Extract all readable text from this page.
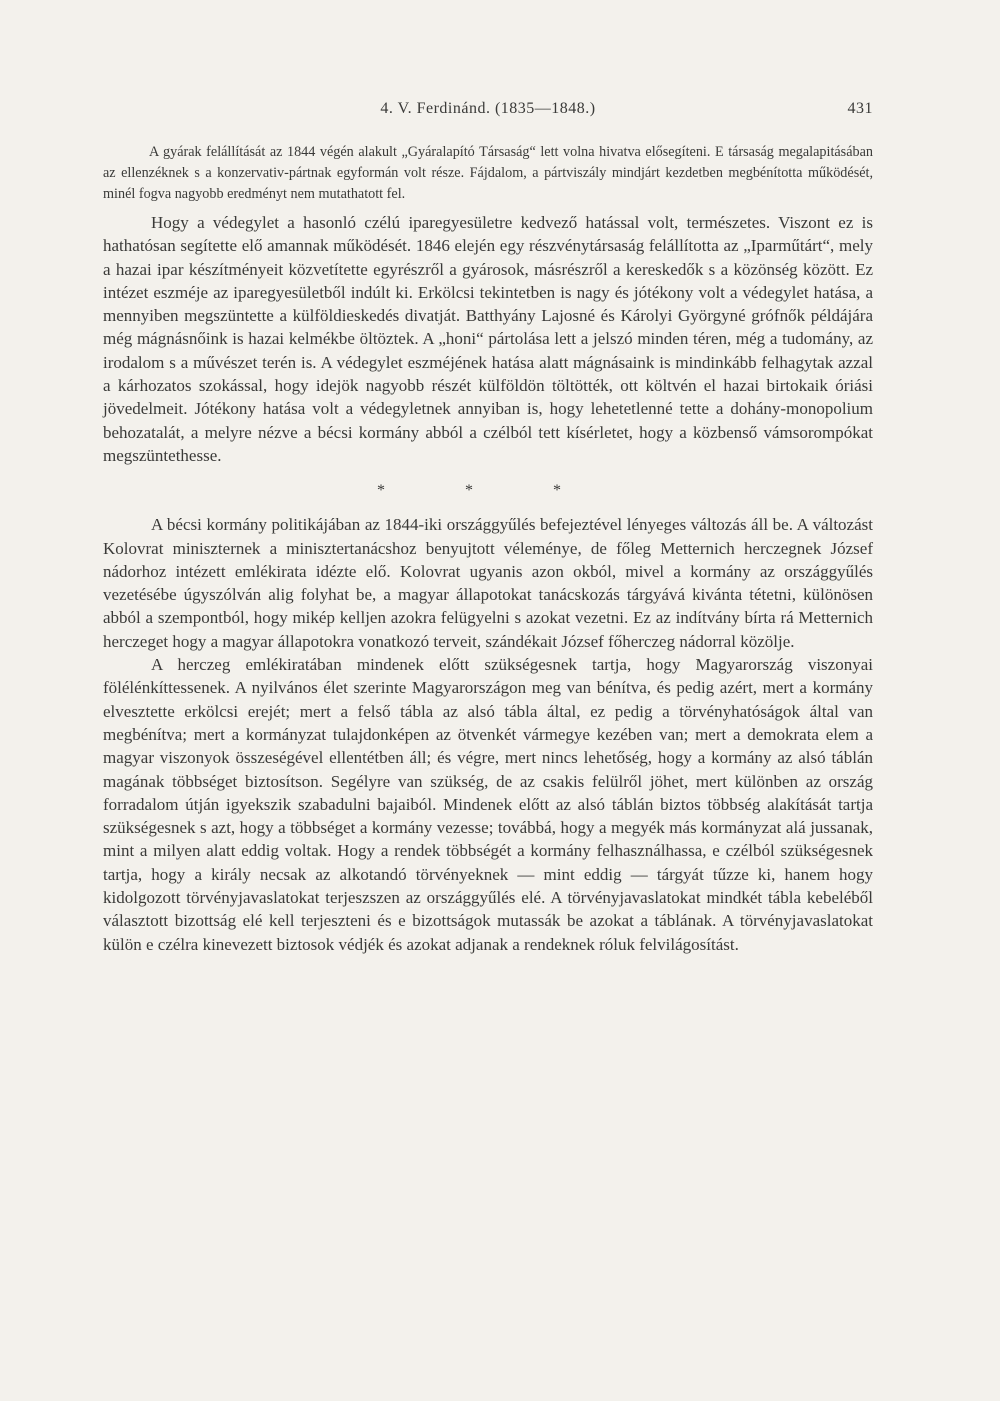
4. V. Ferdinánd. (1835—1848.)	431

A gyárak felállítását az 1844 végén alakult „Gyáralapító Társaság“ lett volna hivatva elősegíteni. E társaság megalapitásában az ellenzéknek s a konzervativ-pártnak egyformán volt része. Fájdalom, a pártviszály mindjárt kezdetben megbénította működését, minél fogva nagyobb eredményt nem mutathatott fel.

Hogy a védegylet a hasonló czélú iparegyesületre kedvező hatással volt, természetes. Viszont ez is hathatósan segítette elő amannak működését. 1846 elején egy részvénytársaság felállította az „Iparműtárt“, mely a hazai ipar készítményeit közvetítette egyrészről a gyárosok, másrészről a kereskedők s a közönség között. Ez intézet eszméje az iparegyesületből indúlt ki. Erkölcsi tekintetben is nagy és jótékony volt a védegylet hatása, a mennyiben megszüntette a külföldieskedés divatját. Batthyány Lajosné és Károlyi Györgyné grófnők példájára még mágnásnőink is hazai kelmékbe öltöztek. A „honi“ pártolása lett a jelszó minden téren, még a tudomány, az irodalom s a művészet terén is. A védegylet eszméjének hatása alatt mágnásaink is mindinkább felhagytak azzal a kárhozatos szokással, hogy idejök nagyobb részét külföldön töltötték, ott költvén el hazai birtokaik óriási jövedelmeit. Jótékony hatása volt a védegyletnek annyiban is, hogy lehetetlenné tette a dohány-monopolium behozatalát, a melyre nézve a bécsi kormány abból a czélból tett kísérletet, hogy a közbenső vámsorompókat megszüntethesse.

* * *

A bécsi kormány politikájában az 1844-iki országgyűlés befejeztével lényeges változás áll be. A változást Kolovrat miniszternek a minisztertanácshoz benyujtott véleménye, de főleg Metternich herczegnek József nádorhoz intézett emlékirata idézte elő. Kolovrat ugyanis azon okból, mivel a kormány az országgyűlés vezetésébe úgyszólván alig folyhat be, a magyar állapotokat tanácskozás tárgyává kivánta tétetni, különösen abból a szempontból, hogy mikép kelljen azokra felügyelni s azokat vezetni. Ez az indítvány bírta rá Metternich herczeget hogy a magyar állapotokra vonatkozó terveit, szándékait József főherczeg nádorral közölje.

A herczeg emlékiratában mindenek előtt szükségesnek tartja, hogy Magyarország viszonyai fölélénkíttessenek. A nyilvános élet szerinte Magyarországon meg van bénítva, és pedig azért, mert a kormány elvesztette erkölcsi erejét; mert a felső tábla az alsó tábla által, ez pedig a törvényhatóságok által van megbénítva; mert a kormányzat tulajdonképen az ötvenkét vármegye kezében van; mert a demokrata elem a magyar viszonyok összeségével ellentétben áll; és végre, mert nincs lehetőség, hogy a kormány az alsó táblán magának többséget biztosítson. Segélyre van szükség, de az csakis felülről jöhet, mert különben az ország forradalom útján igyekszik szabadulni bajaiból. Mindenek előtt az alsó táblán biztos többség alakítását tartja szükségesnek s azt, hogy a többséget a kormány vezesse; továbbá, hogy a megyék más kormányzat alá jussanak, mint a milyen alatt eddig voltak. Hogy a rendek többségét a kormány felhasználhassa, e czélból szükségesnek tartja, hogy a király necsak az alkotandó törvényeknek — mint eddig — tárgyát tűzze ki, hanem hogy kidolgozott törvényjavaslatokat terjeszszen az országgyűlés elé. A törvényjavaslatokat mindkét tábla kebeléből választott bizottság elé kell terjeszteni és e bizottságok mutassák be azokat a táblának. A törvényjavaslatokat külön e czélra kinevezett biztosok védjék és azokat adjanak a rendeknek róluk felvilágosítást.
